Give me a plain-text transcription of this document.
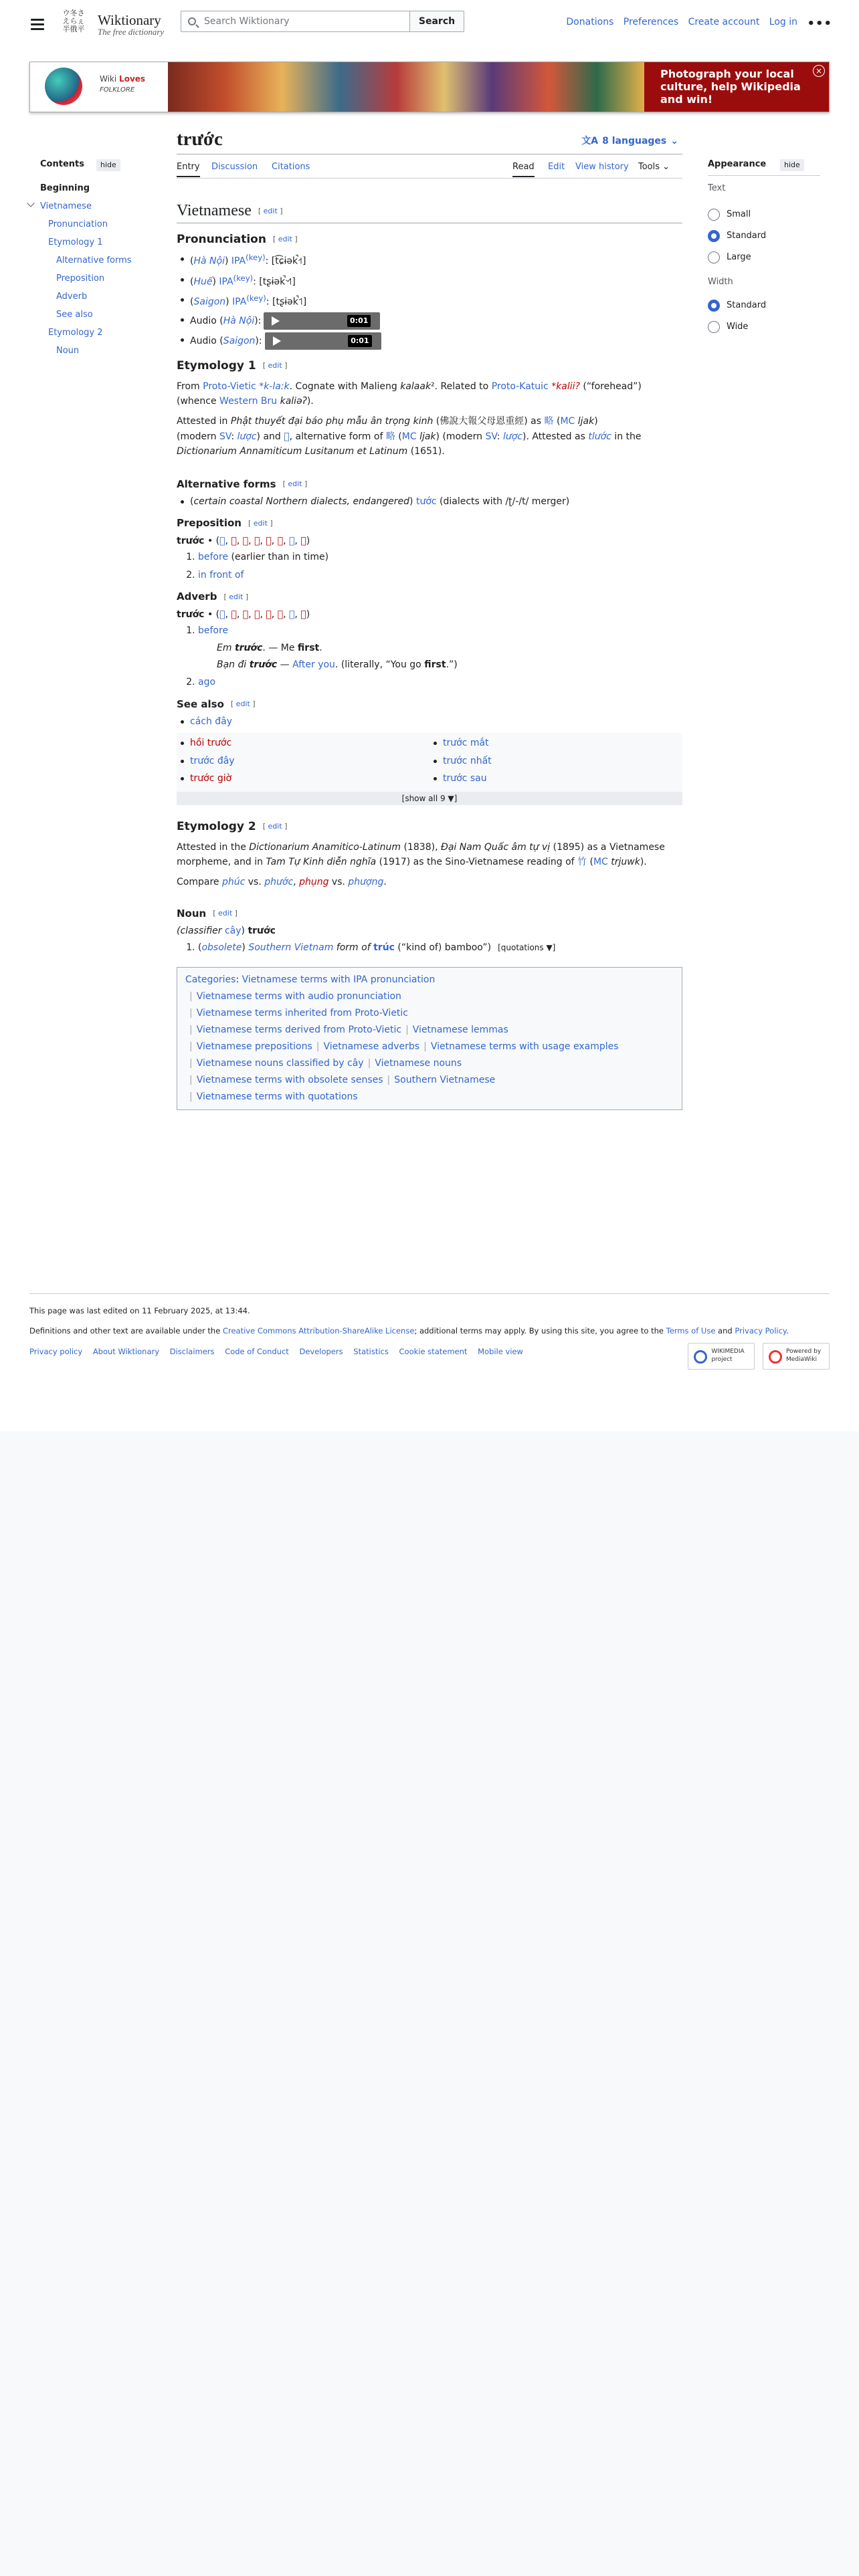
ウ冬さ
えらぇ
半俄平
Wiktionary
The free dictionary
Search Wiktionary
Search	Donations Preferences Create account Log in •••
Wiki Loves
FOLKLORE
Photograph your local culture, help Wikipedia and win!
×
trước	文A 8 languages ⌄
Entry Discussion Citations	Read Edit View history Tools ⌄
Contents	hide
Beginning
Vietnamese
Pronunciation
Etymology 1
Alternative forms
Preposition
Adverb
See also
Etymology 2
Noun
Appearance	hide
Text
Small
Standard
Large
Width
Standard
Wide
Vietnamese [ edit ]
Pronunciation [ edit ]
(Hà Nội) $IPA^{(key)}$: [t͡ɕɨək̚˧˦]
(Huế) $IPA^{(key)}$: [tʂɨək̚˦˧˥]
(Saigon) $IPA^{(key)}$: [tʂɨək̚˦˥]
Audio (Hà Nội):	0:01
Audio (Saigon):	0:01
Etymology 1 [ edit ]

From Proto-Vietic *k-laːk. Cognate with Malieng kalaak². Related to Proto-Katuic *kalii? (“forehead”) (whence Western Bru kaliəʔ).

Attested in Phật thuyết đại báo phụ mẫu ân trọng kinh (佛說大報父母恩重經) as 略 (MC ljak)
(modern SV: lược) and 𠸗, alternative form of 略 (MC ljak) (modern SV: lược). Attested as tlước in the Dictionarium Annamiticum Lusitanum et Latinum (1651).

Alternative forms [ edit ]
(certain coastal Northern dialects, endangered) tước (dialects with /ʈ/-/t/ merger)
Preposition [ edit ]

trước • (𠸗, 𫏾, 𪲢, 𨎟, 𠓀, 𫥨, 𠩀, 𬨠)

1. before (earlier than in time)
2. in front of
Adverb [ edit ]

trước • (𠸗, 𫏾, 𪲢, 𨎟, 𠓀, 𫥨, 𠩀, 𬨠)

1. before
Em trước. — Me first.
Bạn đi trước — After you. (literally, “You go first.”)
2. ago
See also [ edit ]
cách đây
hồi trước
trước đây
trước giờ
trước mắt
trước nhất
trước sau
[show all 9 ▼]
Etymology 2 [ edit ]

Attested in the Dictionarium Anamitico-Latinum (1838), Đại Nam Quấc âm tự vị (1895) as a Vietnamese morpheme, and in Tam Tự Kinh diễn nghĩa (1917) as the Sino-Vietnamese reading of 竹 (MC trjuwk).

Compare phúc vs. phước, phụng vs. phượng.

Noun [ edit ]

(classifier cây) trước

1. (obsolete) Southern Vietnam form of trúc (“kind of) bamboo”) [quotations ▼]
Categories: Vietnamese terms with IPA pronunciation
| Vietnamese terms with audio pronunciation
| Vietnamese terms inherited from Proto-Vietic
| Vietnamese terms derived from Proto-Vietic | Vietnamese lemmas
| Vietnamese prepositions | Vietnamese adverbs | Vietnamese terms with usage examples
| Vietnamese nouns classified by cây | Vietnamese nouns
| Vietnamese terms with obsolete senses | Southern Vietnamese
| Vietnamese terms with quotations

This page was last edited on 11 February 2025, at 13:44.

Definitions and other text are available under the Creative Commons Attribution-ShareAlike License; additional terms may apply. By using this site, you agree to the Terms of Use and Privacy Policy.

Privacy policy About Wiktionary Disclaimers Code of Conduct Developers Statistics Cookie statement Mobile view	WIKIMEDIA project
Powered by MediaWiki
